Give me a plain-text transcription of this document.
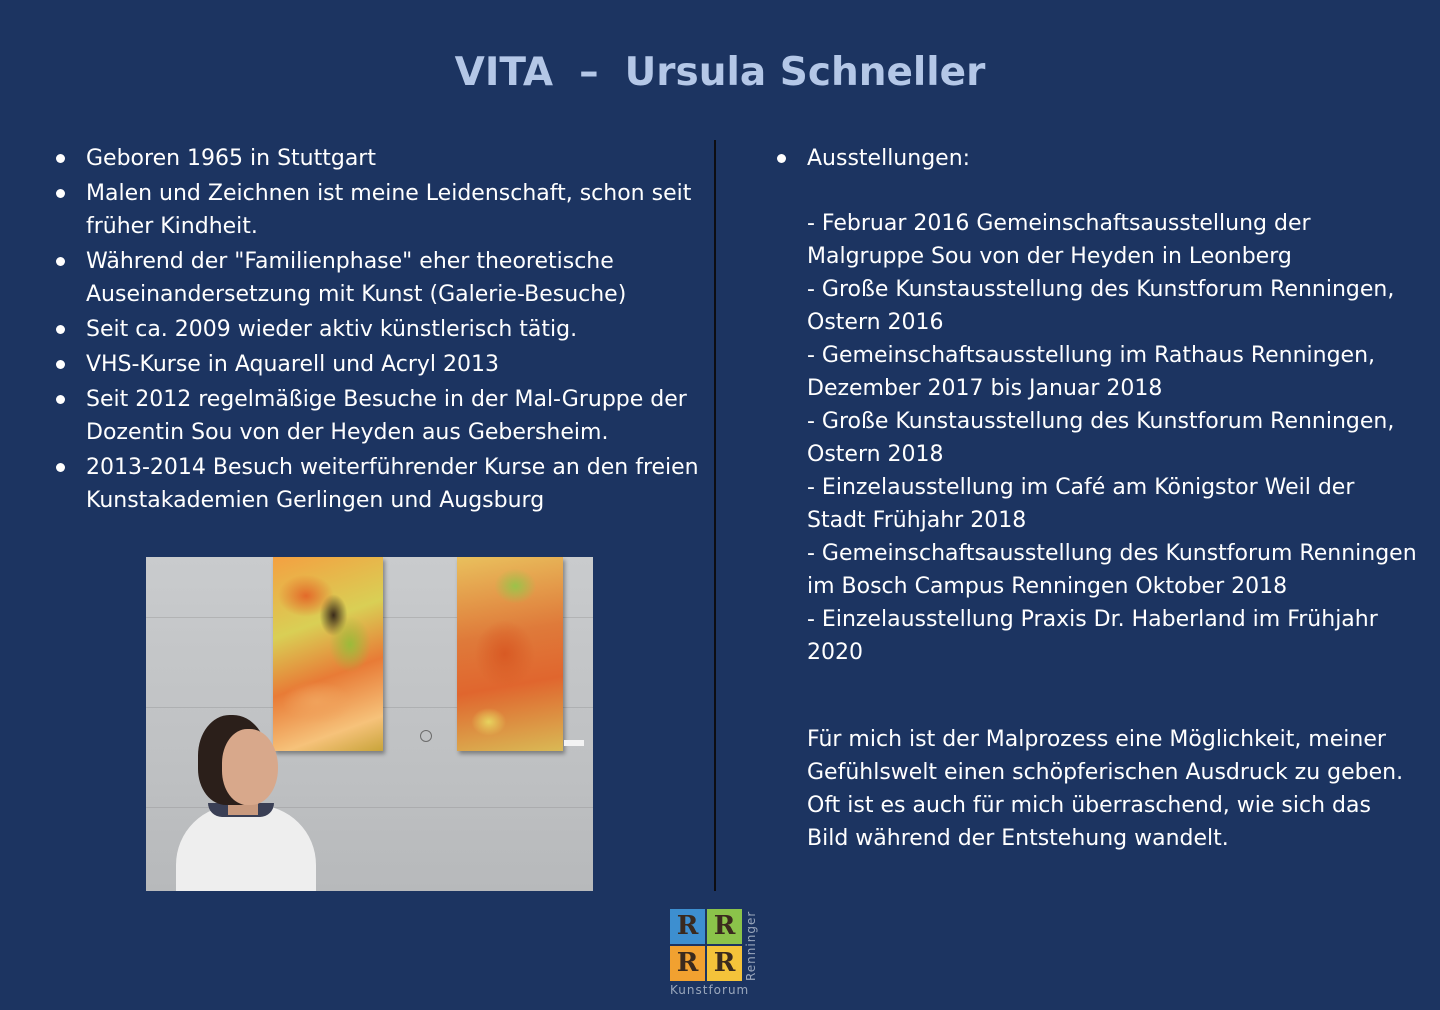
VITA – Ursula Schneller
Geboren 1965 in Stuttgart
Malen und Zeichnen ist meine Leidenschaft, schon seit früher Kindheit.
Während der "Familienphase" eher theoretische Auseinandersetzung mit Kunst (Galerie-Besuche)
Seit ca. 2009 wieder aktiv künstlerisch tätig.
VHS-Kurse in Aquarell und Acryl 2013
Seit 2012 regelmäßige Besuche in der Mal-Gruppe der Dozentin Sou von der Heyden aus Gebersheim.
2013-2014 Besuch weiterführender Kurse an den freien Kunstakademien Gerlingen und Augsburg
Ausstellungen:
- Februar 2016 Gemeinschaftsausstellung der Malgruppe Sou von der Heyden in Leonberg
- Große Kunstausstellung des Kunstforum Renningen, Ostern 2016
- Gemeinschaftsausstellung im Rathaus Renningen, Dezember 2017 bis Januar 2018
- Große Kunstausstellung des Kunstforum Renningen, Ostern 2018
- Einzelausstellung im Café am Königstor Weil der Stadt Frühjahr 2018
- Gemeinschaftsausstellung des Kunstforum Renningen im Bosch Campus Renningen Oktober 2018
- Einzelausstellung Praxis Dr. Haberland im Frühjahr 2020

Für mich ist der Malprozess eine Möglichkeit, meiner Gefühlswelt einen schöpferischen Ausdruck zu geben. Oft ist es auch für mich überraschend, wie sich das Bild während der Entstehung wandelt.

R R
R R Renninger
Kunstforum
